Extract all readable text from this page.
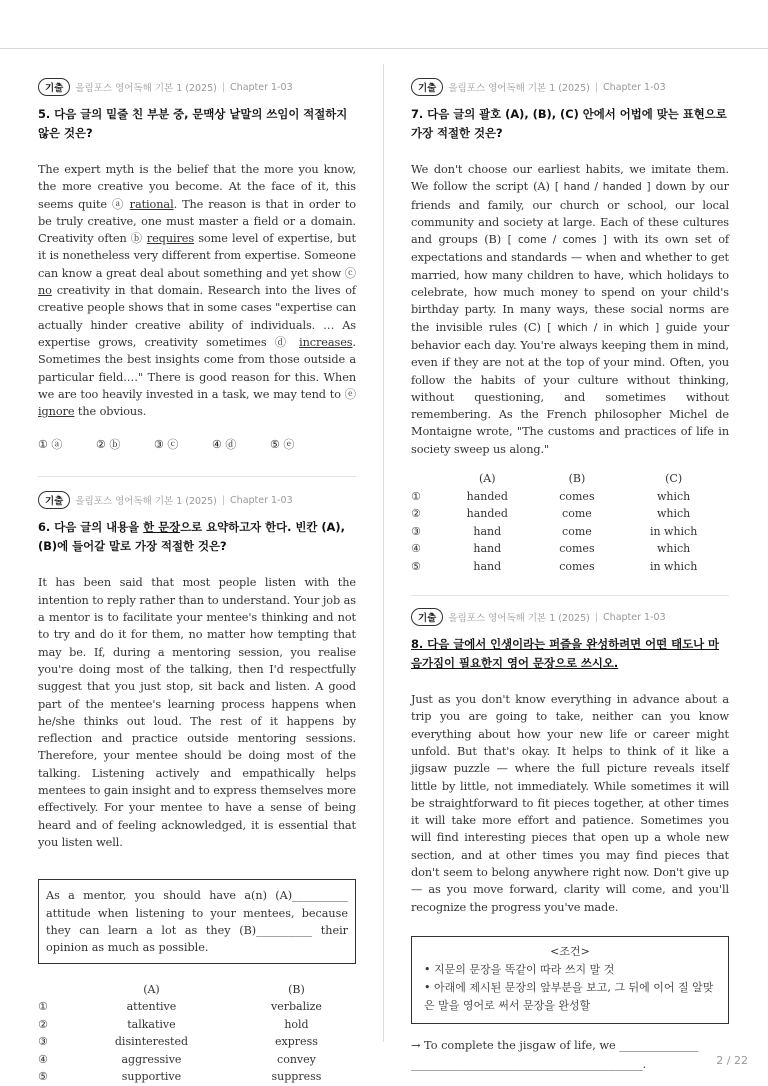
기출	올림포스 영어독해 기본 1 (2025) | Chapter 1-03
5. 다음 글의 밑줄 친 부분 중, 문맥상 낱말의 쓰임이 적절하지 않은 것은?
The expert myth is the belief that the more you know, the more creative you become. At the face of it, this seems quite ⓐ rational. The reason is that in order to be truly creative, one must master a field or a domain. Creativity often ⓑ requires some level of expertise, but it is nonetheless very different from expertise. Someone can know a great deal about something and yet show ⓒ no creativity in that domain. Research into the lives of creative people shows that in some cases "expertise can actually hinder creative ability of individuals. … As expertise grows, creativity sometimes ⓓ increases. Sometimes the best insights come from those outside a particular field.…" There is good reason for this. When we are too heavily invested in a task, we may tend to ⓔ ignore the obvious.
① ⓐ	② ⓑ	③ ⓒ	④ ⓓ	⑤ ⓔ
기출	올림포스 영어독해 기본 1 (2025) | Chapter 1-03
6. 다음 글의 내용을 한 문장으로 요약하고자 한다. 빈칸 (A), (B)에 들어갈 말로 가장 적절한 것은?
It has been said that most people listen with the intention to reply rather than to understand. Your job as a mentor is to facilitate your mentee's thinking and not to try and do it for them, no matter how tempting that may be. If, during a mentoring session, you realise you're doing most of the talking, then I'd respectfully suggest that you just stop, sit back and listen. A good part of the mentee's learning process happens when he/she thinks out loud. The rest of it happens by reflection and practice outside mentoring sessions. Therefore, your mentee should be doing most of the talking. Listening actively and empathically helps mentees to gain insight and to express themselves more effectively. For your mentee to have a sense of being heard and of feeling acknowledged, it is essential that you listen well.
As a mentor, you should have a(n) (A)__________ attitude when listening to your mentees, because they can learn a lot as they (B)__________ their opinion as much as possible.
	(A)	(B)
①	attentive	verbalize
②	talkative	hold
③	disinterested	express
④	aggressive	convey
⑤	supportive	suppress
기출	올림포스 영어독해 기본 1 (2025) | Chapter 1-03
7. 다음 글의 괄호 (A), (B), (C) 안에서 어법에 맞는 표현으로 가장 적절한 것은?
We don't choose our earliest habits, we imitate them. We follow the script (A) [ hand / handed ] down by our friends and family, our church or school, our local community and society at large. Each of these cultures and groups (B) [ come / comes ] with its own set of expectations and standards — when and whether to get married, how many children to have, which holidays to celebrate, how much money to spend on your child's birthday party. In many ways, these social norms are the invisible rules (C) [ which / in which ] guide your behavior each day. You're always keeping them in mind, even if they are not at the top of your mind. Often, you follow the habits of your culture without thinking, without questioning, and sometimes without remembering. As the French philosopher Michel de Montaigne wrote, "The customs and practices of life in society sweep us along."
	(A)	(B)	(C)
①	handed	comes	which
②	handed	come	which
③	hand	come	in which
④	hand	comes	which
⑤	hand	comes	in which
기출	올림포스 영어독해 기본 1 (2025) | Chapter 1-03
8. 다음 글에서 인생이라는 퍼즐을 완성하려면 어떤 태도나 마음가짐이 필요한지 영어 문장으로 쓰시오.
Just as you don't know everything in advance about a trip you are going to take, neither can you know everything about how your new life or career might unfold. But that's okay. It helps to think of it like a jigsaw puzzle — where the full picture reveals itself little by little, not immediately. While sometimes it will be straightforward to fit pieces together, at other times it will take more effort and patience. Sometimes you will find interesting pieces that open up a whole new section, and at other times you may find pieces that don't seem to belong anywhere right now. Don't give up — as you move forward, clarity will come, and you'll recognize the progress you've made.
<조건>
• 지문의 문장을 똑같이 따라 쓰지 말 것
• 아래에 제시된 문장의 앞부분을 보고, 그 뒤에 이어 질 알맞은 말을 영어로 써서 문장을 완성할
→ To complete the jisgaw of life, we ______________
_________________________________________.	2 / 22
